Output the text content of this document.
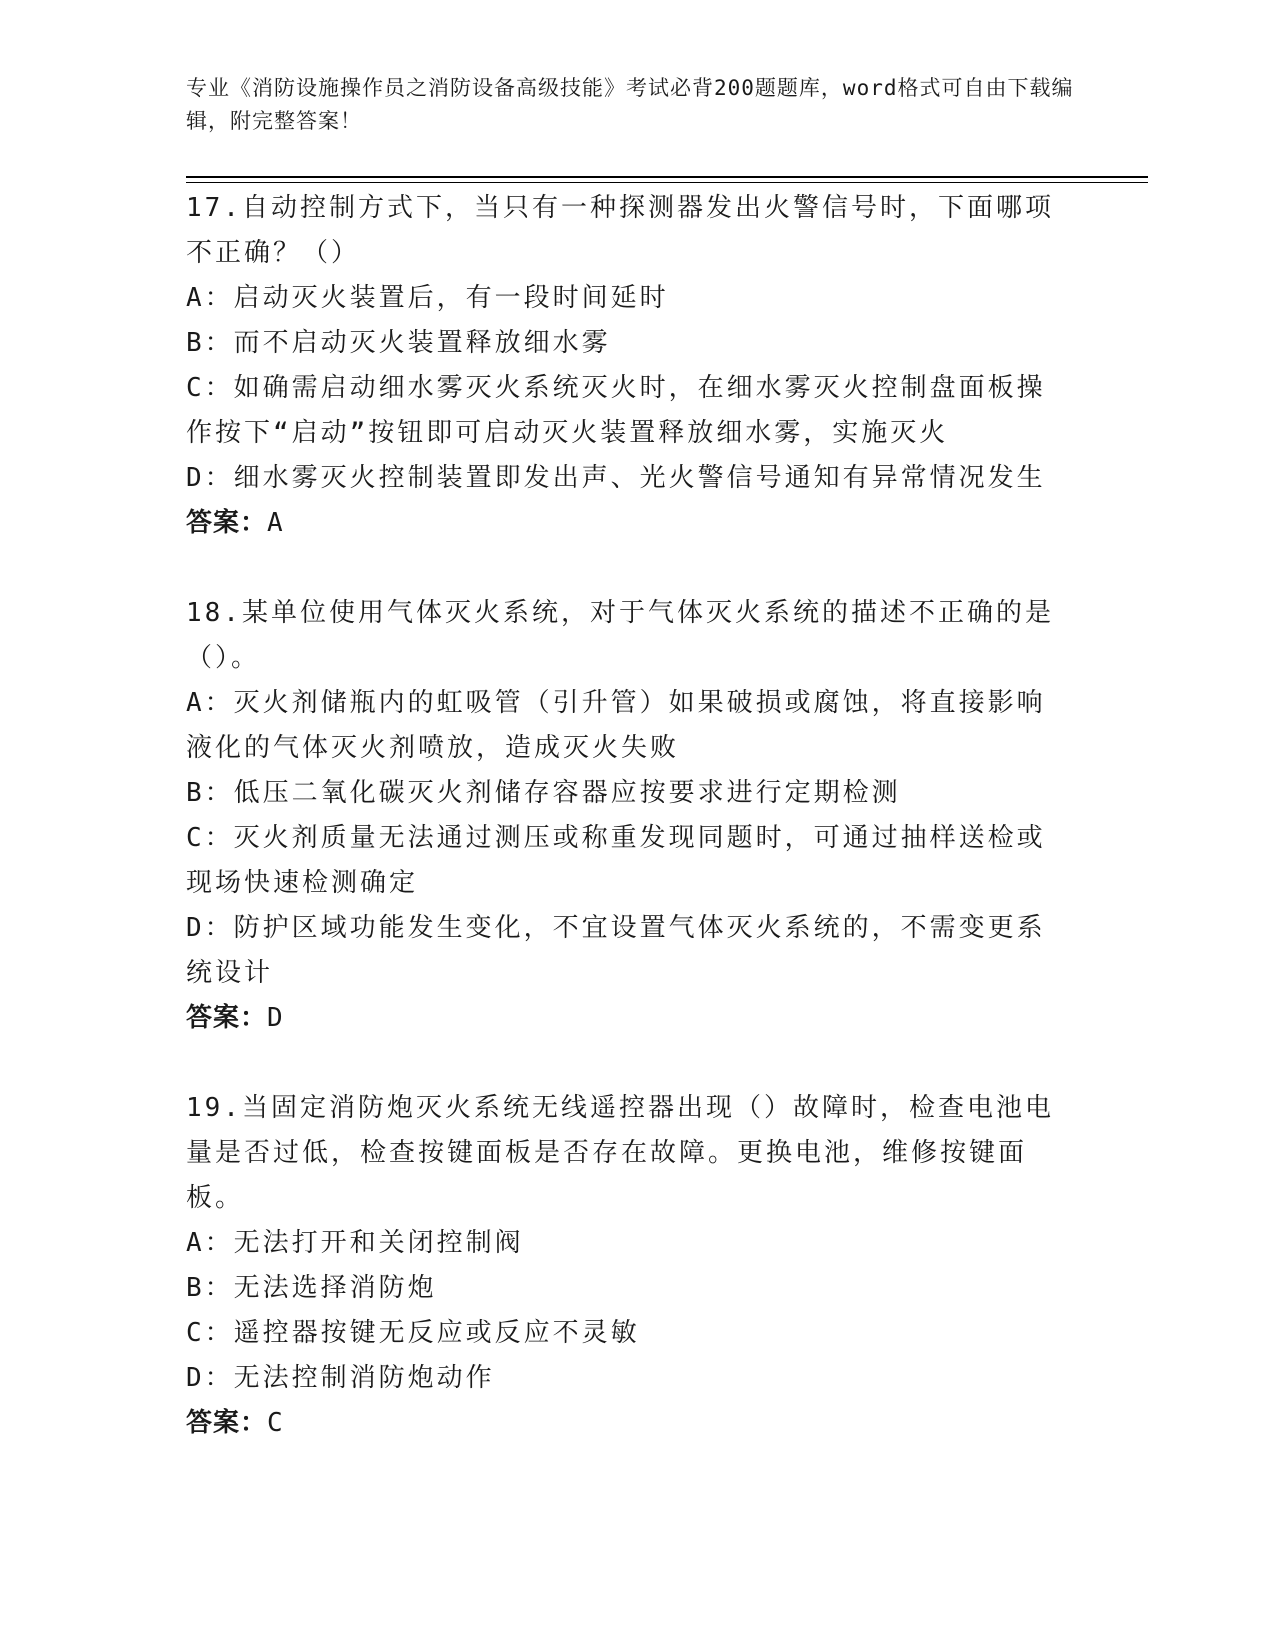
专业《消防设施操作员之消防设备高级技能》考试必背200题题库，word格式可自由下载编辑，附完整答案！

17.自动控制方式下，当只有一种探测器发出火警信号时，下面哪项不正确？（）

A：启动灭火装置后，有一段时间延时

B：而不启动灭火装置释放细水雾

C：如确需启动细水雾灭火系统灭火时，在细水雾灭火控制盘面板操作按下“启动”按钮即可启动灭火装置释放细水雾，实施灭火

D：细水雾灭火控制装置即发出声、光火警信号通知有异常情况发生

答案：A

18.某单位使用气体灭火系统，对于气体灭火系统的描述不正确的是（）。

A：灭火剂储瓶内的虹吸管（引升管）如果破损或腐蚀，将直接影响液化的气体灭火剂喷放，造成灭火失败

B：低压二氧化碳灭火剂储存容器应按要求进行定期检测

C：灭火剂质量无法通过测压或称重发现同题时，可通过抽样送检或现场快速检测确定

D：防护区域功能发生变化，不宜设置气体灭火系统的，不需变更系统设计

答案：D

19.当固定消防炮灭火系统无线遥控器出现（）故障时，检查电池电量是否过低，检查按键面板是否存在故障。更换电池，维修按键面板。

A：无法打开和关闭控制阀

B：无法选择消防炮

C：遥控器按键无反应或反应不灵敏

D：无法控制消防炮动作

答案：C
